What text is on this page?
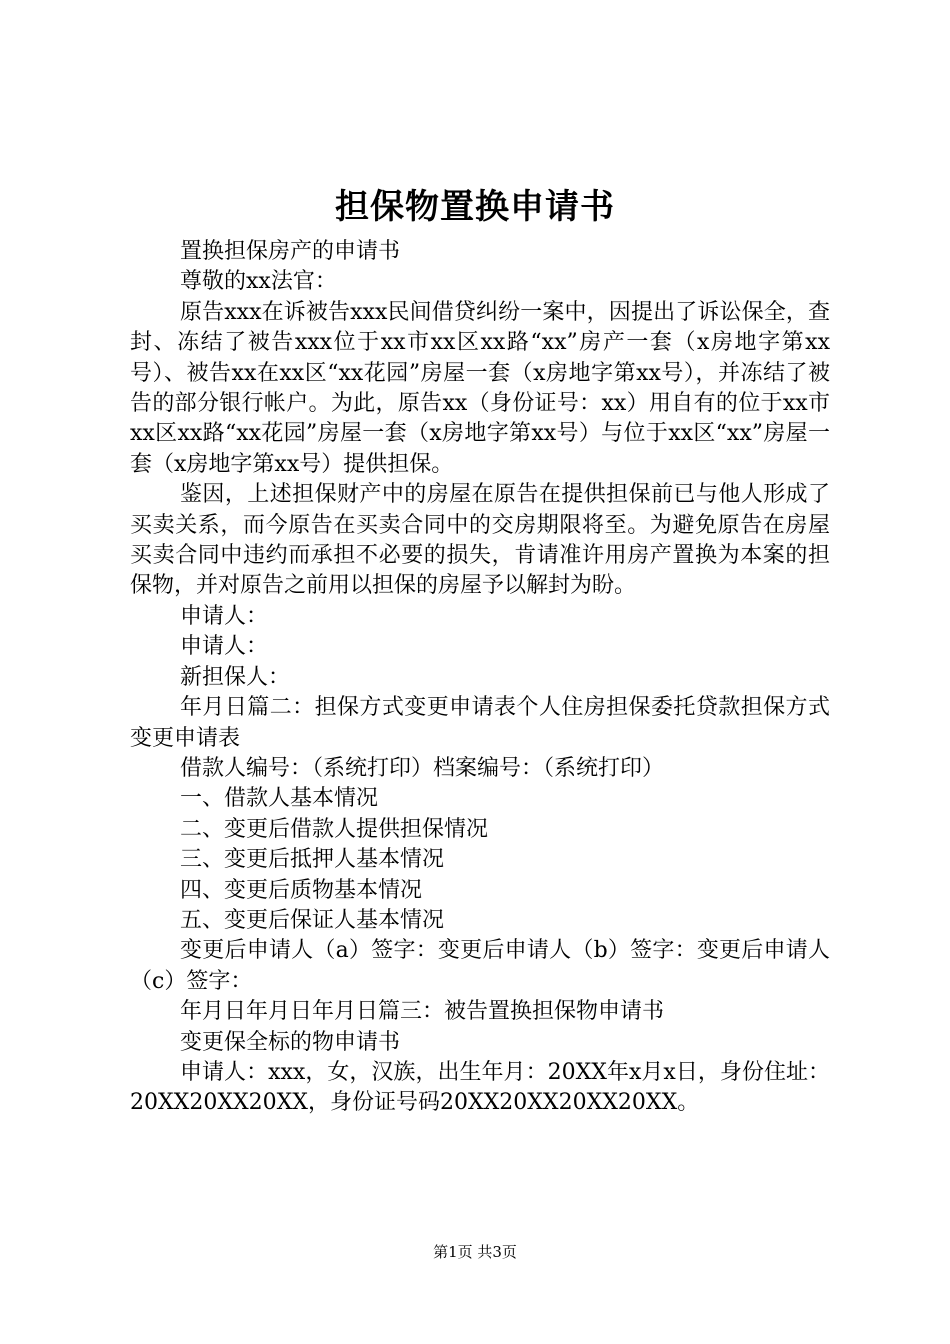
担保物置换申请书

置换担保房产的申请书

尊敬的xx法官：

原告xxx在诉被告xxx民间借贷纠纷一案中，因提出了诉讼保全，查封、冻结了被告xxx位于xx市xx区xx路“xx”房产一套（x房地字第xx号）、被告xx在xx区“xx花园”房屋一套（x房地字第xx号），并冻结了被告的部分银行帐户。为此，原告xx（身份证号：xx）用自有的位于xx市xx区xx路“xx花园”房屋一套（x房地字第xx号）与位于xx区“xx”房屋一套（x房地字第xx号）提供担保。

鉴因，上述担保财产中的房屋在原告在提供担保前已与他人形成了买卖关系，而今原告在买卖合同中的交房期限将至。为避免原告在房屋买卖合同中违约而承担不必要的损失，肯请准许用房产置换为本案的担保物，并对原告之前用以担保的房屋予以解封为盼。

申请人：

申请人：

新担保人：

年月日篇二：担保方式变更申请表个人住房担保委托贷款担保方式变更申请表

借款人编号：（系统打印）档案编号：（系统打印）

一、借款人基本情况

二、变更后借款人提供担保情况

三、变更后抵押人基本情况

四、变更后质物基本情况

五、变更后保证人基本情况

变更后申请人（a）签字：变更后申请人（b）签字：变更后申请人（c）签字：

年月日年月日年月日篇三：被告置换担保物申请书

变更保全标的物申请书

申请人：xxx，女，汉族，出生年月：20XX年x月x日，身份住址：20XX20XX20XX，身份证号码20XX20XX20XX20XX。

第1页 共3页
